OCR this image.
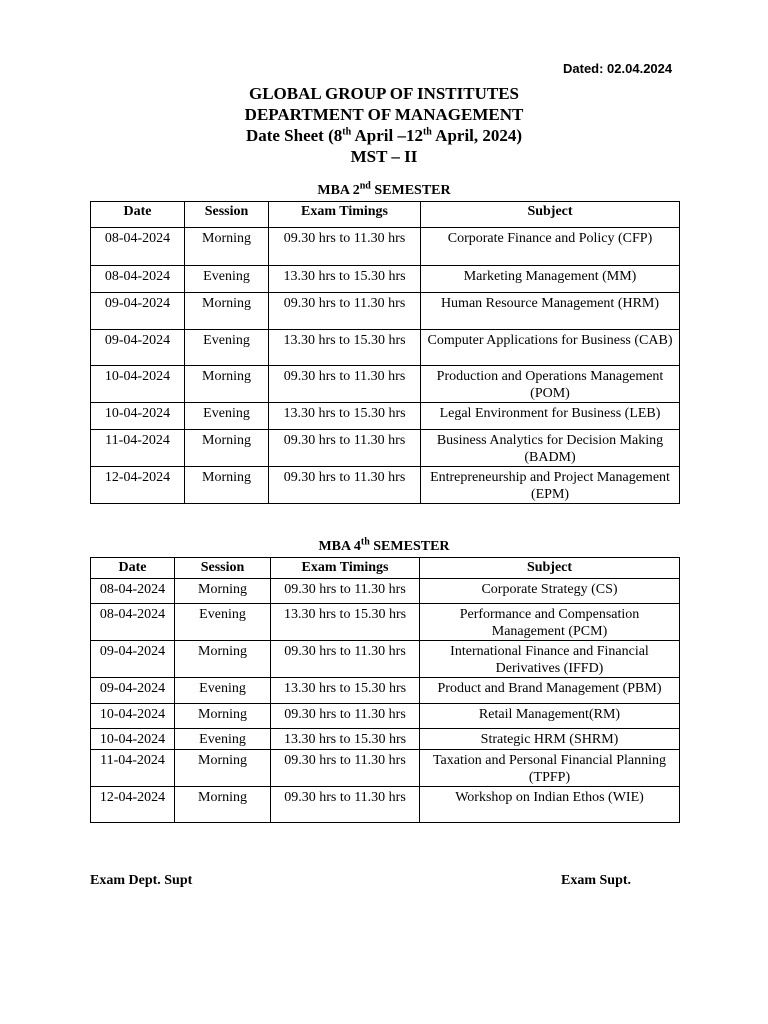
Dated: 02.04.2024
GLOBAL GROUP OF INSTITUTES
DEPARTMENT OF MANAGEMENT
Date Sheet (8th April –12th April, 2024)
MST – II
MBA 2nd SEMESTER
Date	Session	Exam Timings	Subject
08-04-2024	Morning	09.30 hrs to 11.30 hrs	Corporate Finance and Policy (CFP)
08-04-2024	Evening	13.30 hrs to 15.30 hrs	Marketing Management (MM)
09-04-2024	Morning	09.30 hrs to 11.30 hrs	Human Resource Management (HRM)
09-04-2024	Evening	13.30 hrs to 15.30 hrs	Computer Applications for Business (CAB)
10-04-2024	Morning	09.30 hrs to 11.30 hrs	Production and Operations Management (POM)
10-04-2024	Evening	13.30 hrs to 15.30 hrs	Legal Environment for Business (LEB)
11-04-2024	Morning	09.30 hrs to 11.30 hrs	Business Analytics for Decision Making (BADM)
12-04-2024	Morning	09.30 hrs to 11.30 hrs	Entrepreneurship and Project Management (EPM)
MBA 4th SEMESTER
Date	Session	Exam Timings	Subject
08-04-2024	Morning	09.30 hrs to 11.30 hrs	Corporate Strategy (CS)
08-04-2024	Evening	13.30 hrs to 15.30 hrs	Performance and Compensation Management (PCM)
09-04-2024	Morning	09.30 hrs to 11.30 hrs	International Finance and Financial Derivatives (IFFD)
09-04-2024	Evening	13.30 hrs to 15.30 hrs	Product and Brand Management (PBM)
10-04-2024	Morning	09.30 hrs to 11.30 hrs	Retail Management(RM)
10-04-2024	Evening	13.30 hrs to 15.30 hrs	Strategic HRM (SHRM)
11-04-2024	Morning	09.30 hrs to 11.30 hrs	Taxation and Personal Financial Planning (TPFP)
12-04-2024	Morning	09.30 hrs to 11.30 hrs	Workshop on Indian Ethos (WIE)
Exam Dept. Supt	Exam Supt.
